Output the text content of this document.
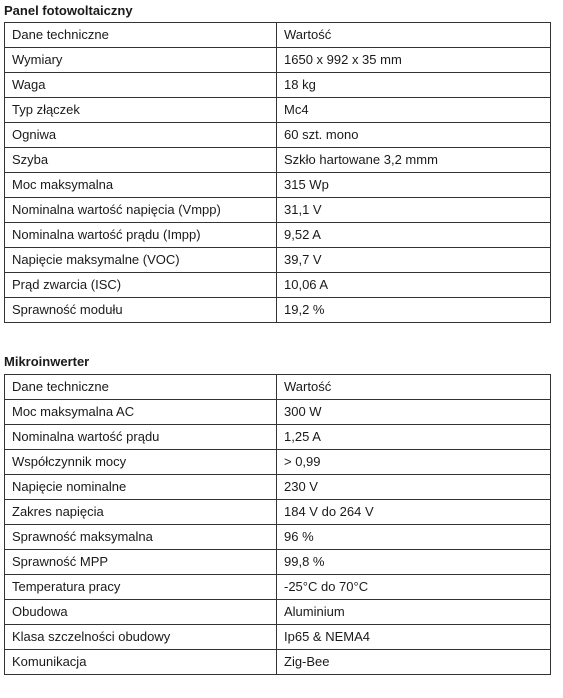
Panel fotowoltaiczny
Dane techniczne	Wartość
Wymiary	1650 x 992 x 35 mm
Waga	18 kg
Typ złączek	Mc4
Ogniwa	60 szt. mono
Szyba	Szkło hartowane 3,2 mmm
Moc maksymalna	315 Wp
Nominalna wartość napięcia (Vmpp)	31,1 V
Nominalna wartość prądu (Impp)	9,52 A
Napięcie maksymalne (VOC)	39,7 V
Prąd zwarcia (ISC)	10,06 A
Sprawność modułu	19,2 %
Mikroinwerter
Dane techniczne	Wartość
Moc maksymalna AC	300 W
Nominalna wartość prądu	1,25 A
Współczynnik mocy	> 0,99
Napięcie nominalne	230 V
Zakres napięcia	184 V do 264 V
Sprawność maksymalna	96 %
Sprawność MPP	99,8 %
Temperatura pracy	-25°C do 70°C
Obudowa	Aluminium
Klasa szczelności obudowy	Ip65 & NEMA4
Komunikacja	Zig-Bee
